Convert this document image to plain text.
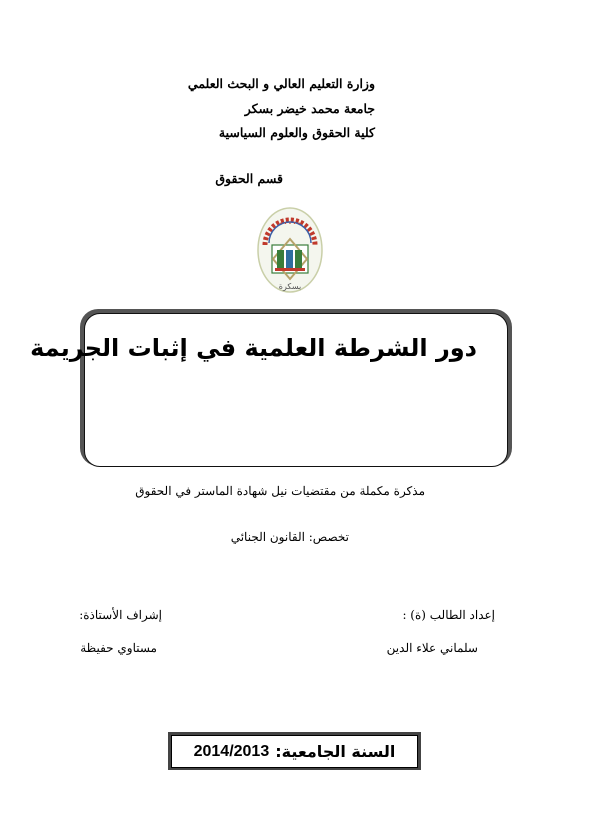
وزارة التعليم العالي و البحث العلمي
جامعة محمد خيضر بسكر
كلية الحقوق والعلوم السياسية
قسم الحقوق
• • • • •
بسكرة
دور الشرطة العلمية في إثبات الجريمة
مذكرة مكملة من مقتضيات نيل شهادة الماستر في الحقوق
تخصص: القانون الجنائي
إعداد الطالب (ة) :
سلماني علاء الدين
إشراف الأستاذة:
مستاوي حفيظة
السنة الجامعية:
2014/2013
